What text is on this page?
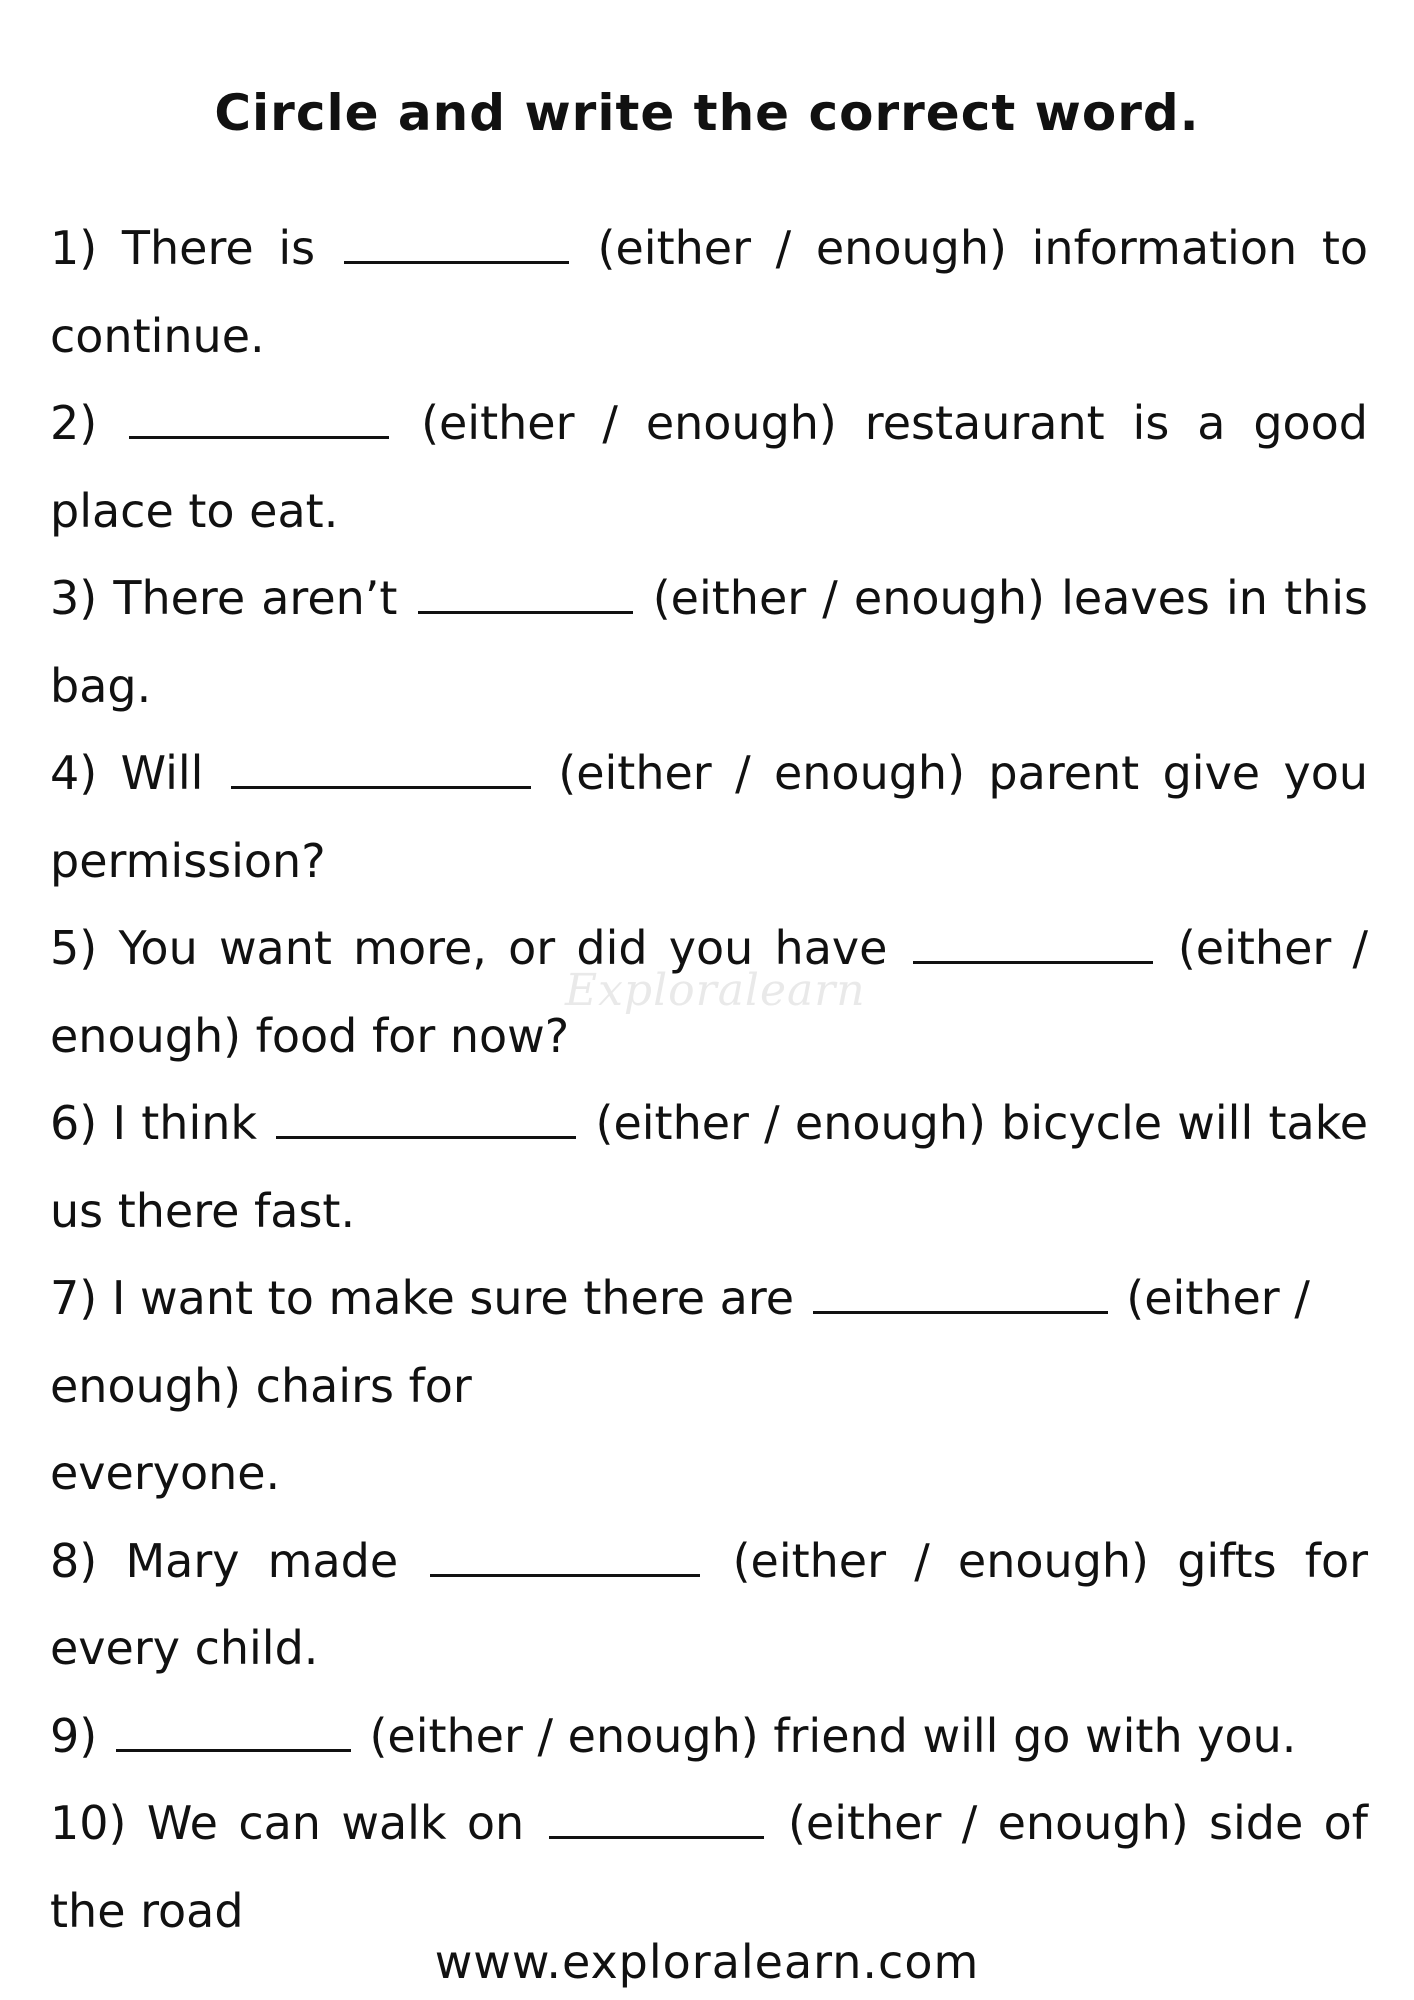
Circle and write the correct word.
Exploralearn

1) There is	(either / enough) information to continue.

2)	(either / enough) restaurant is a good place to eat.

3) There aren’t	(either / enough) leaves in this bag.

4) Will	(either / enough) parent give you permission?

5) You want more, or did you have	(either / enough) food for now?

6) I think	(either / enough) bicycle will take us there fast.

7) I want to make sure there are	(either / enough) chairs for
everyone.

8) Mary made	(either / enough) gifts for every child.

9)	(either / enough) friend will go with you.

10) We can walk on	(either / enough) side of the road

www.exploralearn.com
